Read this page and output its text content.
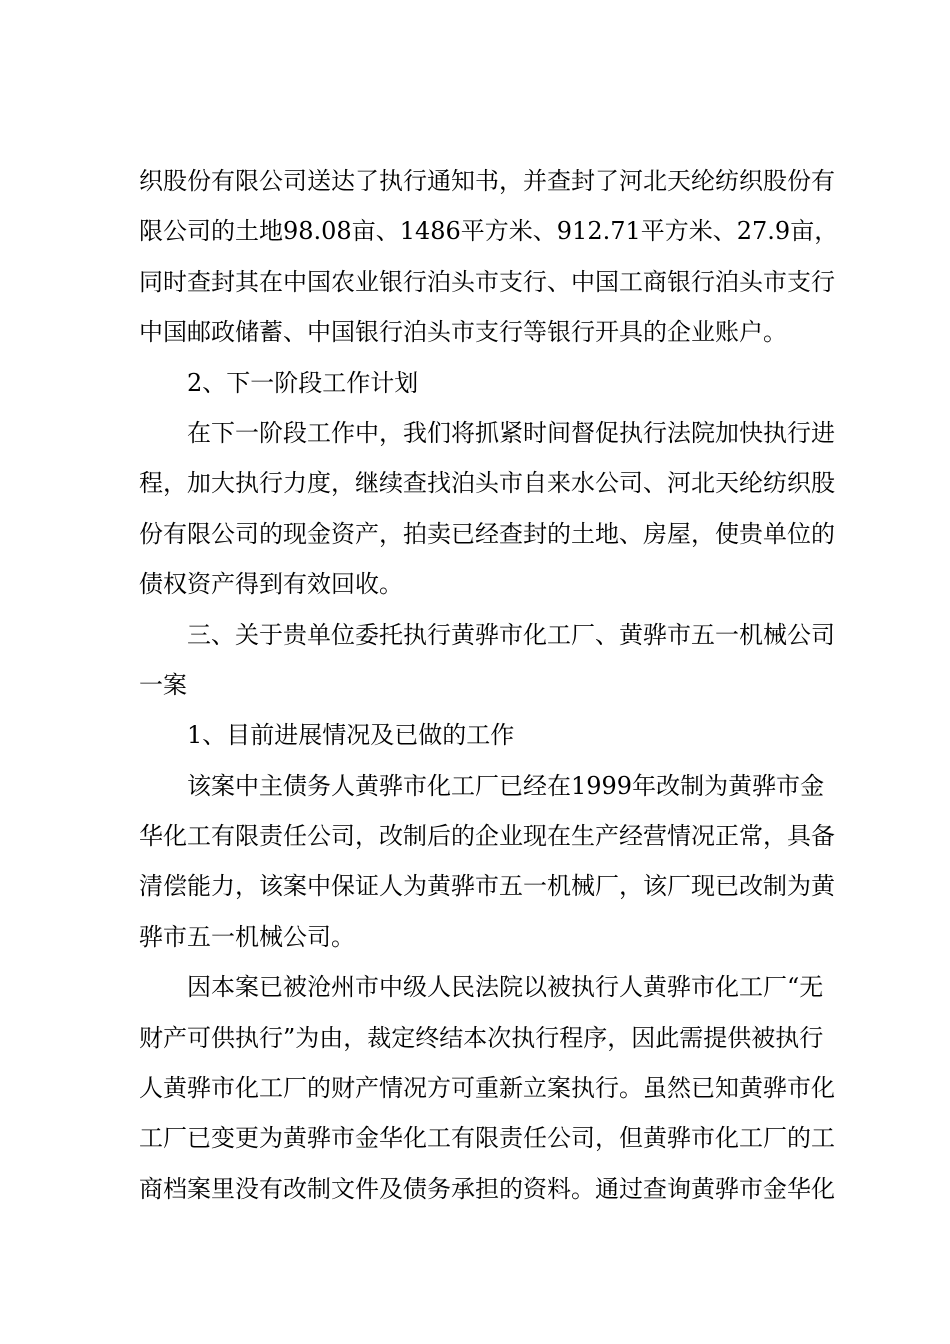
织股份有限公司送达了执行通知书，并查封了河北天纶纺织股份有
限公司的土地98.08亩、1486平方米、912.71平方米、27.9亩，
同时查封其在中国农业银行泊头市支行、中国工商银行泊头市支行
中国邮政储蓄、中国银行泊头市支行等银行开具的企业账户。
2、下一阶段工作计划
在下一阶段工作中，我们将抓紧时间督促执行法院加快执行进
程，加大执行力度，继续查找泊头市自来水公司、河北天纶纺织股
份有限公司的现金资产，拍卖已经查封的土地、房屋，使贵单位的
债权资产得到有效回收。
三、关于贵单位委托执行黄骅市化工厂、黄骅市五一机械公司
一案
1、目前进展情况及已做的工作
该案中主债务人黄骅市化工厂已经在1999年改制为黄骅市金
华化工有限责任公司，改制后的企业现在生产经营情况正常，具备
清偿能力，该案中保证人为黄骅市五一机械厂，该厂现已改制为黄
骅市五一机械公司。
因本案已被沧州市中级人民法院以被执行人黄骅市化工厂“无
财产可供执行”为由，裁定终结本次执行程序，因此需提供被执行
人黄骅市化工厂的财产情况方可重新立案执行。虽然已知黄骅市化
工厂已变更为黄骅市金华化工有限责任公司，但黄骅市化工厂的工
商档案里没有改制文件及债务承担的资料。通过查询黄骅市金华化
